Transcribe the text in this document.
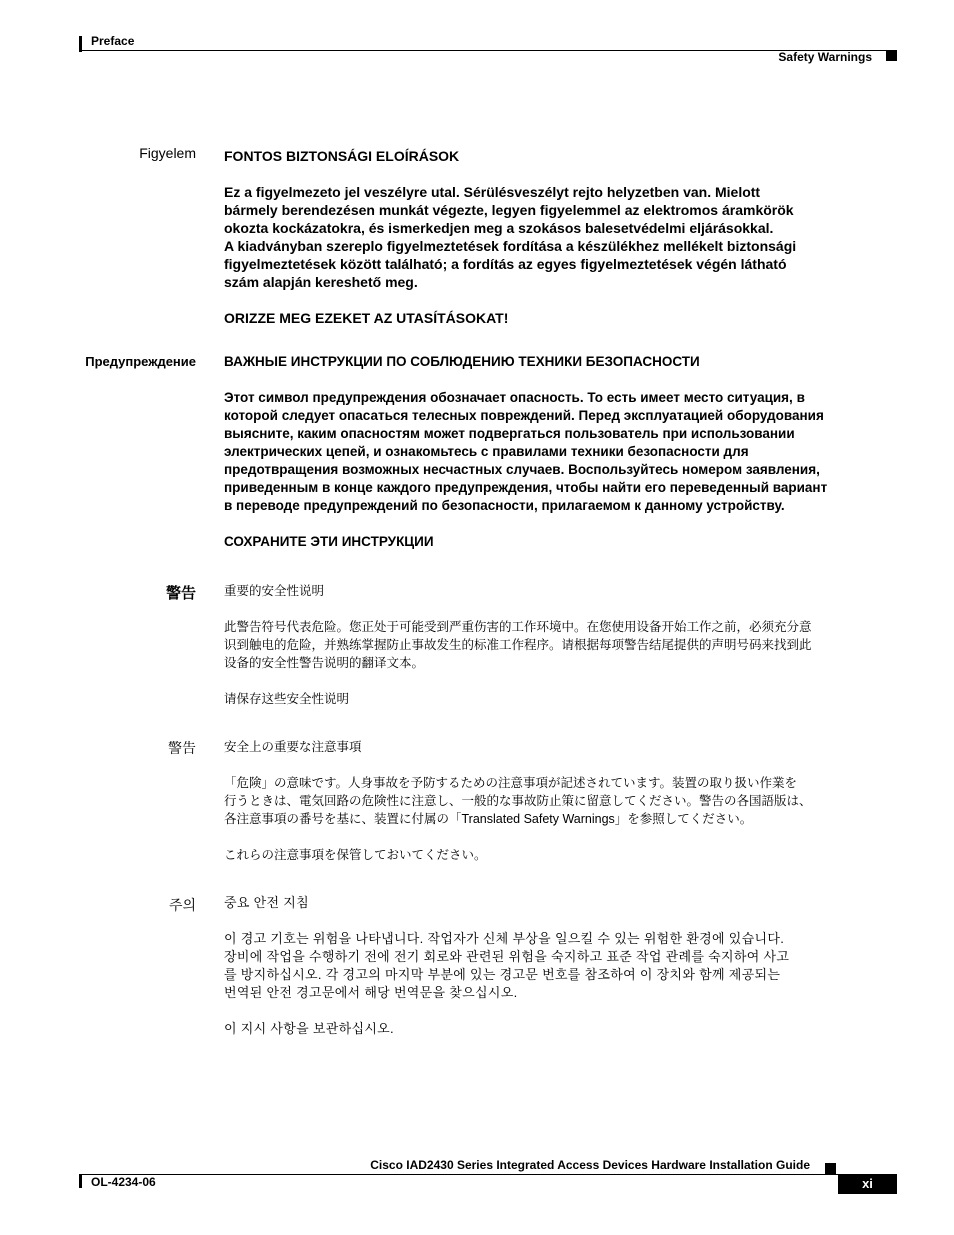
Preface
Safety Warnings
Figyelem FONTOS BIZTONSÁGI ELOÍRÁSOK

Ez a figyelmezeto jel veszélyre utal. Sérülésveszélyt rejto helyzetben van. Mielott

bármely berendezésen munkát végezte, legyen figyelemmel az elektromos áramkörök

okozta kockázatokra, és ismerkedjen meg a szokásos balesetvédelmi eljárásokkal.

A kiadványban szereplo figyelmeztetések fordítása a készülékhez mellékelt biztonsági

figyelmeztetések között található; a fordítás az egyes figyelmeztetések végén látható

szám alapján kereshető meg.

ORIZZE MEG EZEKET AZ UTASÍTÁSOKAT!

Предупреждение ВАЖНЫЕ ИНСТРУКЦИИ ПО СОБЛЮДЕНИЮ ТЕХНИКИ БЕЗОПАСНОСТИ

Этот символ предупреждения обозначает опасность. То есть имеет место ситуация, в

которой следует опасаться телесных повреждений. Перед эксплуатацией оборудования

выясните, каким опасностям может подвергаться пользователь при использовании

электрических цепей, и ознакомьтесь с правилами техники безопасности для

предотвращения возможных несчастных случаев. Воспользуйтесь номером заявления,

приведенным в конце каждого предупреждения, чтобы найти его переведенный вариант

в переводе предупреждений по безопасности, прилагаемом к данному устройству.

СОХРАНИТЕ ЭТИ ИНСТРУКЦИИ

警告 重要的安全性说明

此警告符号代表危险。您正处于可能受到严重伤害的工作环境中。在您使用设备开始工作之前，必须充分意

识到触电的危险，并熟练掌握防止事故发生的标准工作程序。请根据每项警告结尾提供的声明号码来找到此

设备的安全性警告说明的翻译文本。

请保存这些安全性说明

警告 安全上の重要な注意事項

「危険」の意味です。人身事故を予防するための注意事項が記述されています。装置の取り扱い作業を

行うときは、電気回路の危険性に注意し、一般的な事故防止策に留意してください。警告の各国語版は、

各注意事項の番号を基に、装置に付属の「Translated Safety Warnings」を参照してください。

これらの注意事項を保管しておいてください。

주의 중요 안전 지침

이 경고 기호는 위험을 나타냅니다. 작업자가 신체 부상을 일으킬 수 있는 위험한 환경에 있습니다.

장비에 작업을 수행하기 전에 전기 회로와 관련된 위험을 숙지하고 표준 작업 관례를 숙지하여 사고

를 방지하십시오. 각 경고의 마지막 부분에 있는 경고문 번호를 참조하여 이 장치와 함께 제공되는

번역된 안전 경고문에서 해당 번역문을 찾으십시오.

이 지시 사항을 보관하십시오.

Cisco IAD2430 Series Integrated Access Devices Hardware Installation Guide
OL-4234-06	xi
